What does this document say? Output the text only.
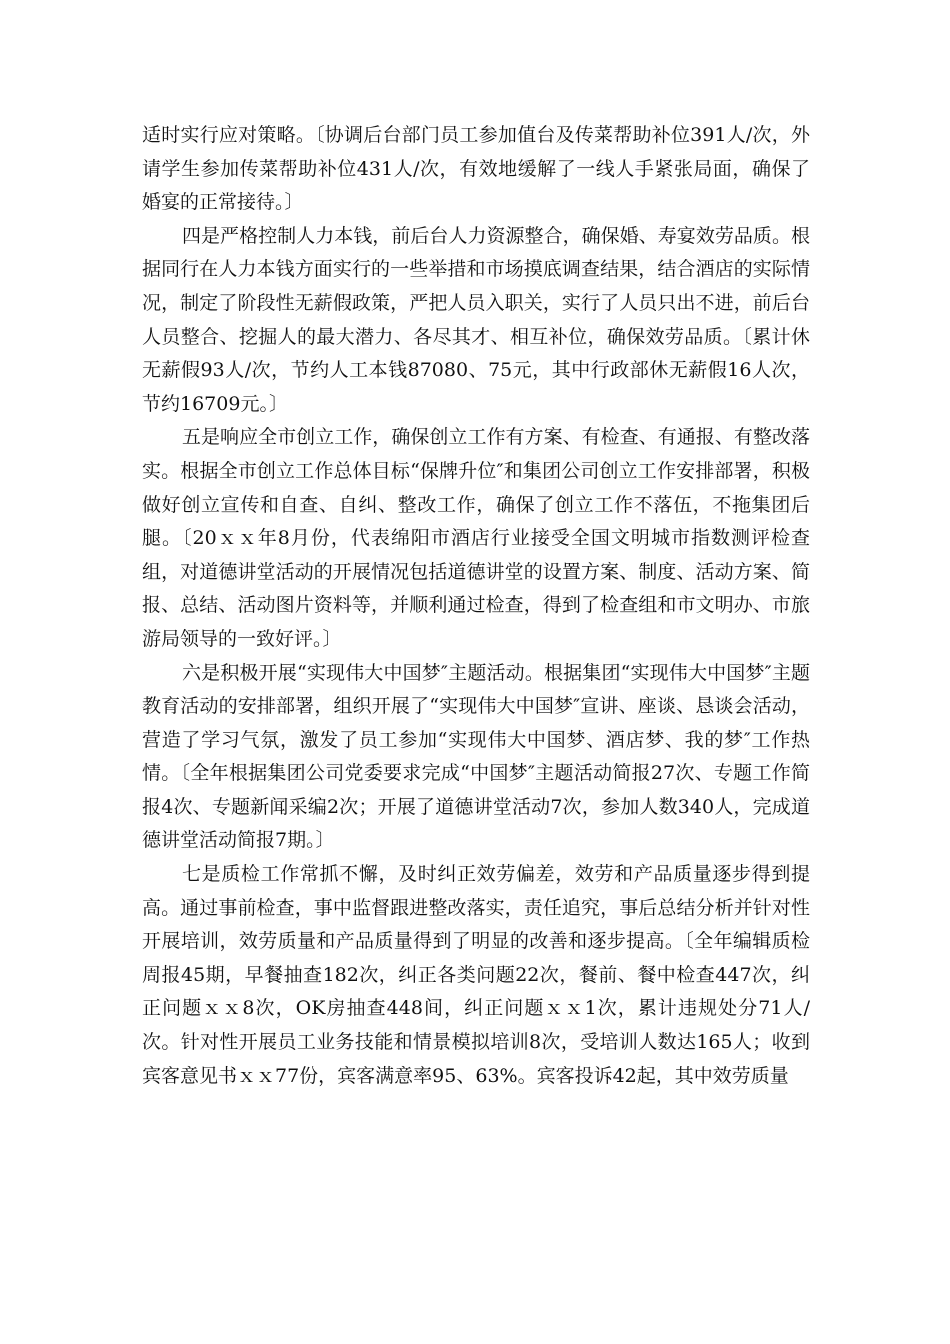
适时实行应对策略。〔协调后台部门员工参加值台及传菜帮助补位391人/次，外请学生参加传菜帮助补位431人/次，有效地缓解了一线人手紧张局面，确保了婚宴的正常接待。〕

四是严格控制人力本钱，前后台人力资源整合，确保婚、寿宴效劳品质。根据同行在人力本钱方面实行的一些举措和市场摸底调查结果，结合酒店的实际情况，制定了阶段性无薪假政策，严把人员入职关，实行了人员只出不进，前后台人员整合、挖掘人的最大潜力、各尽其才、相互补位，确保效劳品质。〔累计休无薪假93人/次，节约人工本钱87080、75元，其中行政部休无薪假16人次，节约16709元。〕

五是响应全市创立工作，确保创立工作有方案、有检查、有通报、有整改落实。根据全市创立工作总体目标“保牌升位″和集团公司创立工作安排部署，积极做好创立宣传和自查、自纠、整改工作，确保了创立工作不落伍，不拖集团后腿。〔20ｘｘ年8月份，代表绵阳市酒店行业接受全国文明城市指数测评检查组，对道德讲堂活动的开展情况包括道德讲堂的设置方案、制度、活动方案、简报、总结、活动图片资料等，并顺利通过检查，得到了检查组和市文明办、市旅游局领导的一致好评。〕

六是积极开展“实现伟大中国梦″主题活动。根据集团“实现伟大中国梦″主题教育活动的安排部署，组织开展了“实现伟大中国梦″宣讲、座谈、恳谈会活动，营造了学习气氛，激发了员工参加“实现伟大中国梦、酒店梦、我的梦″工作热情。〔全年根据集团公司党委要求完成“中国梦″主题活动简报27次、专题工作简报4次、专题新闻采编2次；开展了道德讲堂活动7次，参加人数340人，完成道德讲堂活动简报7期。〕

七是质检工作常抓不懈，及时纠正效劳偏差，效劳和产品质量逐步得到提高。通过事前检查，事中监督跟进整改落实，责任追究，事后总结分析并针对性开展培训，效劳质量和产品质量得到了明显的改善和逐步提高。〔全年编辑质检周报45期，早餐抽查182次，纠正各类问题22次，餐前、餐中检查447次，纠正问题ｘｘ8次，OK房抽查448间，纠正问题ｘｘ1次，累计违规处分71人/次。针对性开展员工业务技能和情景模拟培训8次，受培训人数达165人；收到宾客意见书ｘｘ77份，宾客满意率95、63%。宾客投诉42起，其中效劳质量
